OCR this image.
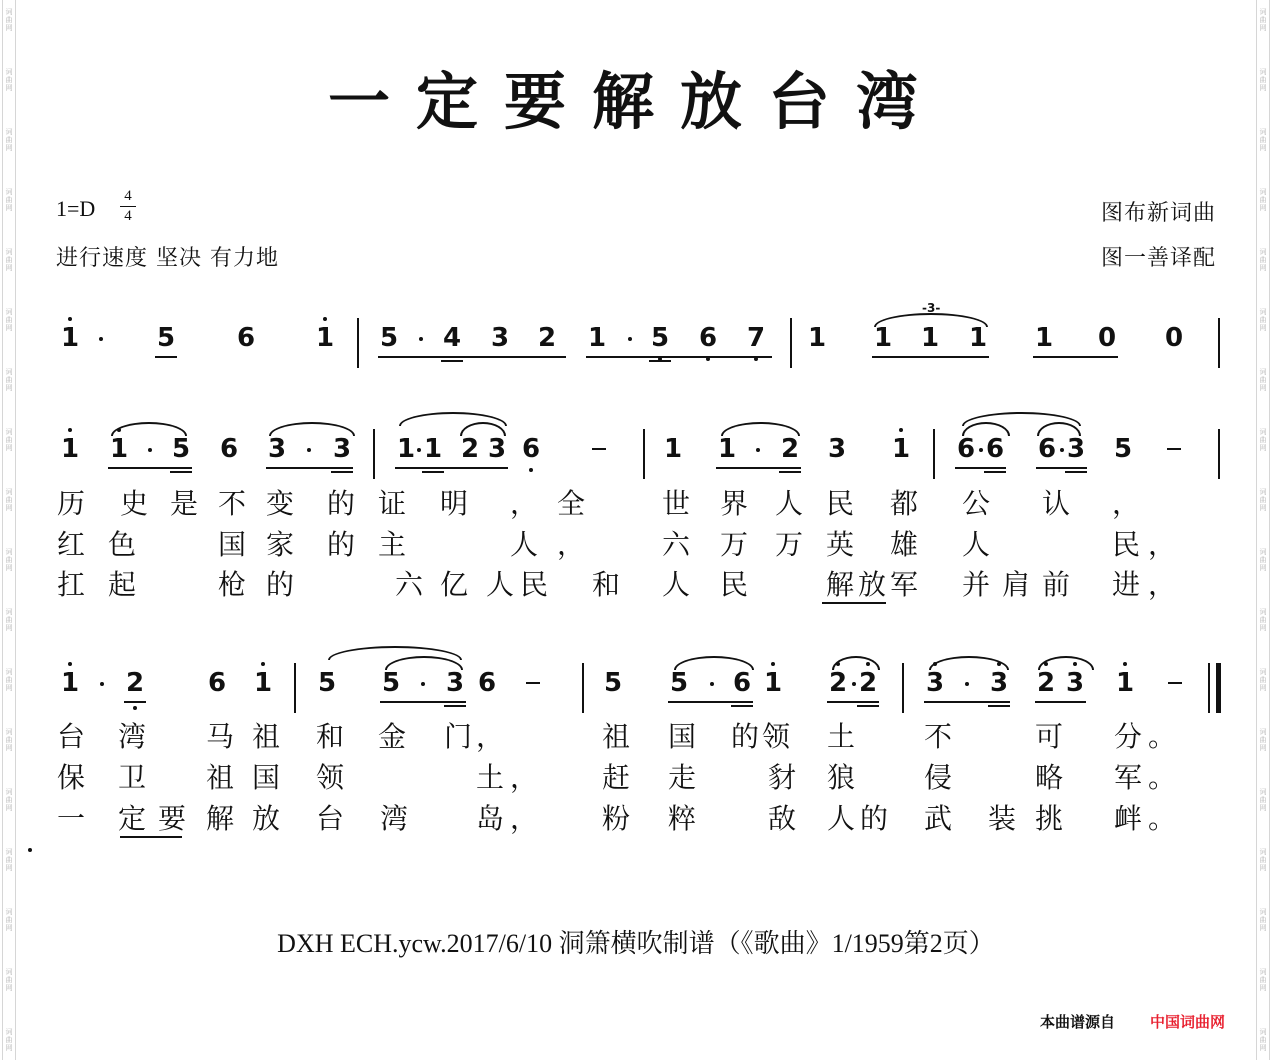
词
曲
网
词
曲
网
词
曲
网
词
曲
网
词
曲
网
词
曲
网
词
曲
网
词
曲
网
词
曲
网
词
曲
网
词
曲
网
词
曲
网
词
曲
网
词
曲
网
词
曲
网
词
曲
网
词
曲
网
词
曲
网
词
曲
网
词
曲
网
词
曲
网
词
曲
网
词
曲
网
词
曲
网
词
曲
网
词
曲
网
词
曲
网
词
曲
网
词
曲
网
词
曲
网
词
曲
网
词
曲
网
词
曲
网
词
曲
网
词
曲
网
词
曲
网
一定要解放台湾
1=D 4
4
进行速度 坚决 有力地
图布新词曲
图一善译配
1	5 6 1 5 4 3 2 1 5 6 7 1
-3-
1 1 1 1 0 0
1 1 5 6 3 3 1 1 2 3 6	1 1 2 3 1 6 6 6 3 5
历 史 是 不 变 的 证 明 ， 全	世 界 人 民 都 公 认 ，
红 色	国 家 的 主	人 ，	六 万 万 英 雄 人	民 ，
扛 起	枪 的	六 亿 人 民 和 人 民	解 放 军 并 肩 前 进 ，
1 2 6 1 5 5 3 6	5 5 6 1 2 2 3 3 2 3 1
台 湾 马 祖 和 金 门 ，	祖 国 的 领 土 不	可 分 。
保 卫 祖 国 领	土 ， 赶 走	豺 狼 侵	略 军 。
一 定 要 解 放 台 湾 岛 ， 粉 粹	敌 人 的 武 装 挑 衅 。
DXH ECH.ycw.2017/6/10 洞箫横吹制谱（《歌曲》1/1959第2页）
本曲谱源自 中国词曲网
